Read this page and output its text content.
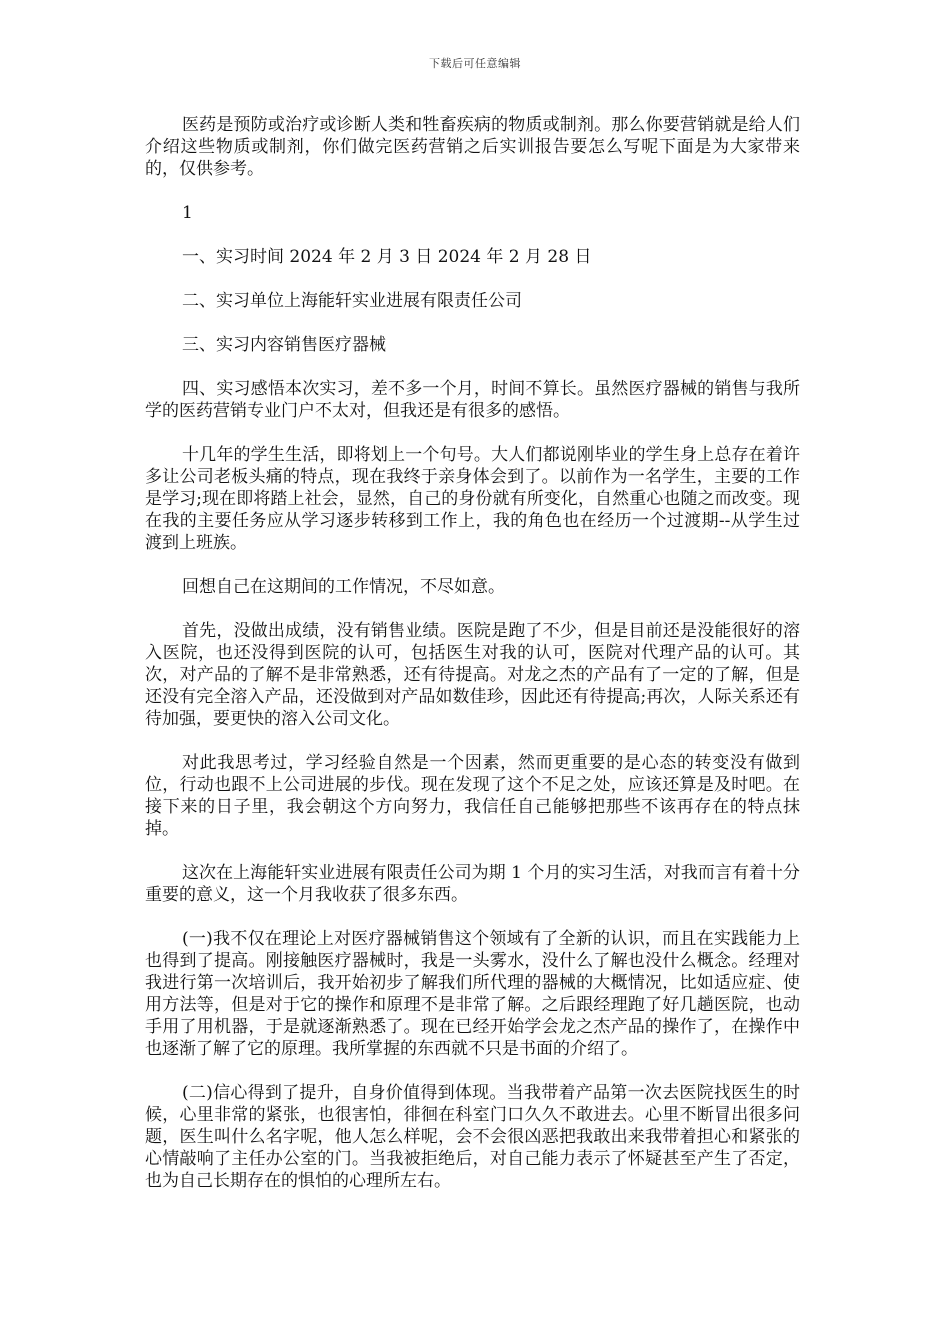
下载后可任意编辑

医药是预防或治疗或诊断人类和牲畜疾病的物质或制剂。那么你要营销就是给人们介绍这些物质或制剂，你们做完医药营销之后实训报告要怎么写呢下面是为大家带来的，仅供参考。

1

一、实习时间 2024 年 2 月 3 日 2024 年 2 月 28 日

二、实习单位上海能轩实业进展有限责任公司

三、实习内容销售医疗器械

四、实习感悟本次实习，差不多一个月，时间不算长。虽然医疗器械的销售与我所学的医药营销专业门户不太对，但我还是有很多的感悟。

十几年的学生生活，即将划上一个句号。大人们都说刚毕业的学生身上总存在着许多让公司老板头痛的特点，现在我终于亲身体会到了。以前作为一名学生，主要的工作是学习;现在即将踏上社会，显然，自己的身份就有所变化，自然重心也随之而改变。现在我的主要任务应从学习逐步转移到工作上，我的角色也在经历一个过渡期--从学生过渡到上班族。

回想自己在这期间的工作情况，不尽如意。

首先，没做出成绩，没有销售业绩。医院是跑了不少，但是目前还是没能很好的溶入医院，也还没得到医院的认可，包括医生对我的认可，医院对代理产品的认可。其次，对产品的了解不是非常熟悉，还有待提高。对龙之杰的产品有了一定的了解，但是还没有完全溶入产品，还没做到对产品如数佳珍，因此还有待提高;再次，人际关系还有待加强，要更快的溶入公司文化。

对此我思考过，学习经验自然是一个因素，然而更重要的是心态的转变没有做到位，行动也跟不上公司进展的步伐。现在发现了这个不足之处，应该还算是及时吧。在接下来的日子里，我会朝这个方向努力，我信任自己能够把那些不该再存在的特点抹掉。

这次在上海能轩实业进展有限责任公司为期 1 个月的实习生活，对我而言有着十分重要的意义，这一个月我收获了很多东西。

(一)我不仅在理论上对医疗器械销售这个领域有了全新的认识，而且在实践能力上也得到了提高。刚接触医疗器械时，我是一头雾水，没什么了解也没什么概念。经理对我进行第一次培训后，我开始初步了解我们所代理的器械的大概情况，比如适应症、使用方法等，但是对于它的操作和原理不是非常了解。之后跟经理跑了好几趟医院，也动手用了用机器，于是就逐渐熟悉了。现在已经开始学会龙之杰产品的操作了，在操作中也逐渐了解了它的原理。我所掌握的东西就不只是书面的介绍了。

(二)信心得到了提升，自身价值得到体现。当我带着产品第一次去医院找医生的时候，心里非常的紧张，也很害怕，徘徊在科室门口久久不敢进去。心里不断冒出很多问题，医生叫什么名字呢，他人怎么样呢，会不会很凶恶把我敢出来我带着担心和紧张的心情敲响了主任办公室的门。当我被拒绝后，对自己能力表示了怀疑甚至产生了否定，也为自己长期存在的惧怕的心理所左右。
